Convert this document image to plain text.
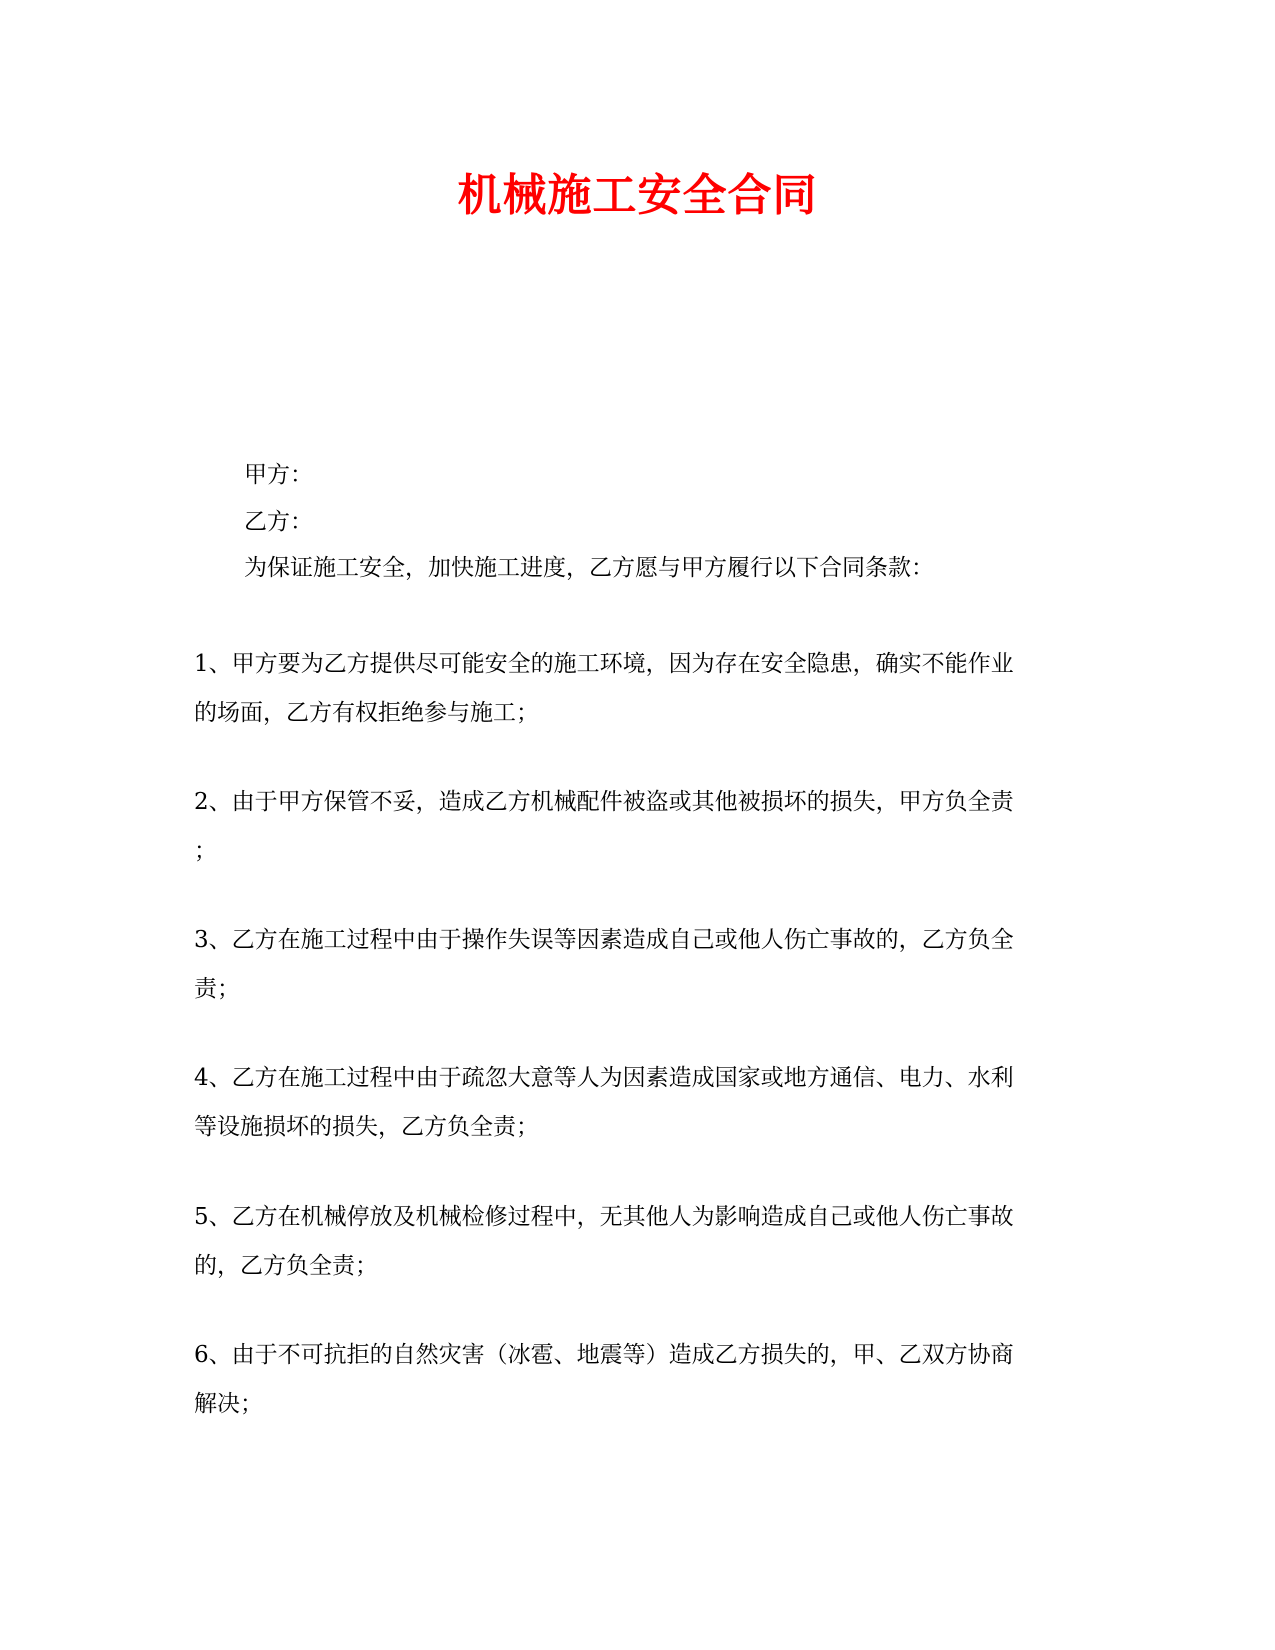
机械施工安全合同
甲方：
乙方：
为保证施工安全，加快施工进度，乙方愿与甲方履行以下合同条款：
1、甲方要为乙方提供尽可能安全的施工环境，因为存在安全隐患，确实不能作业
的场面，乙方有权拒绝参与施工；
2、由于甲方保管不妥，造成乙方机械配件被盗或其他被损坏的损失，甲方负全责
；
3、乙方在施工过程中由于操作失误等因素造成自己或他人伤亡事故的，乙方负全
责；
4、乙方在施工过程中由于疏忽大意等人为因素造成国家或地方通信、电力、水利
等设施损坏的损失，乙方负全责；
5、乙方在机械停放及机械检修过程中，无其他人为影响造成自己或他人伤亡事故
的，乙方负全责；
6、由于不可抗拒的自然灾害（冰雹、地震等）造成乙方损失的，甲、乙双方协商
解决；
